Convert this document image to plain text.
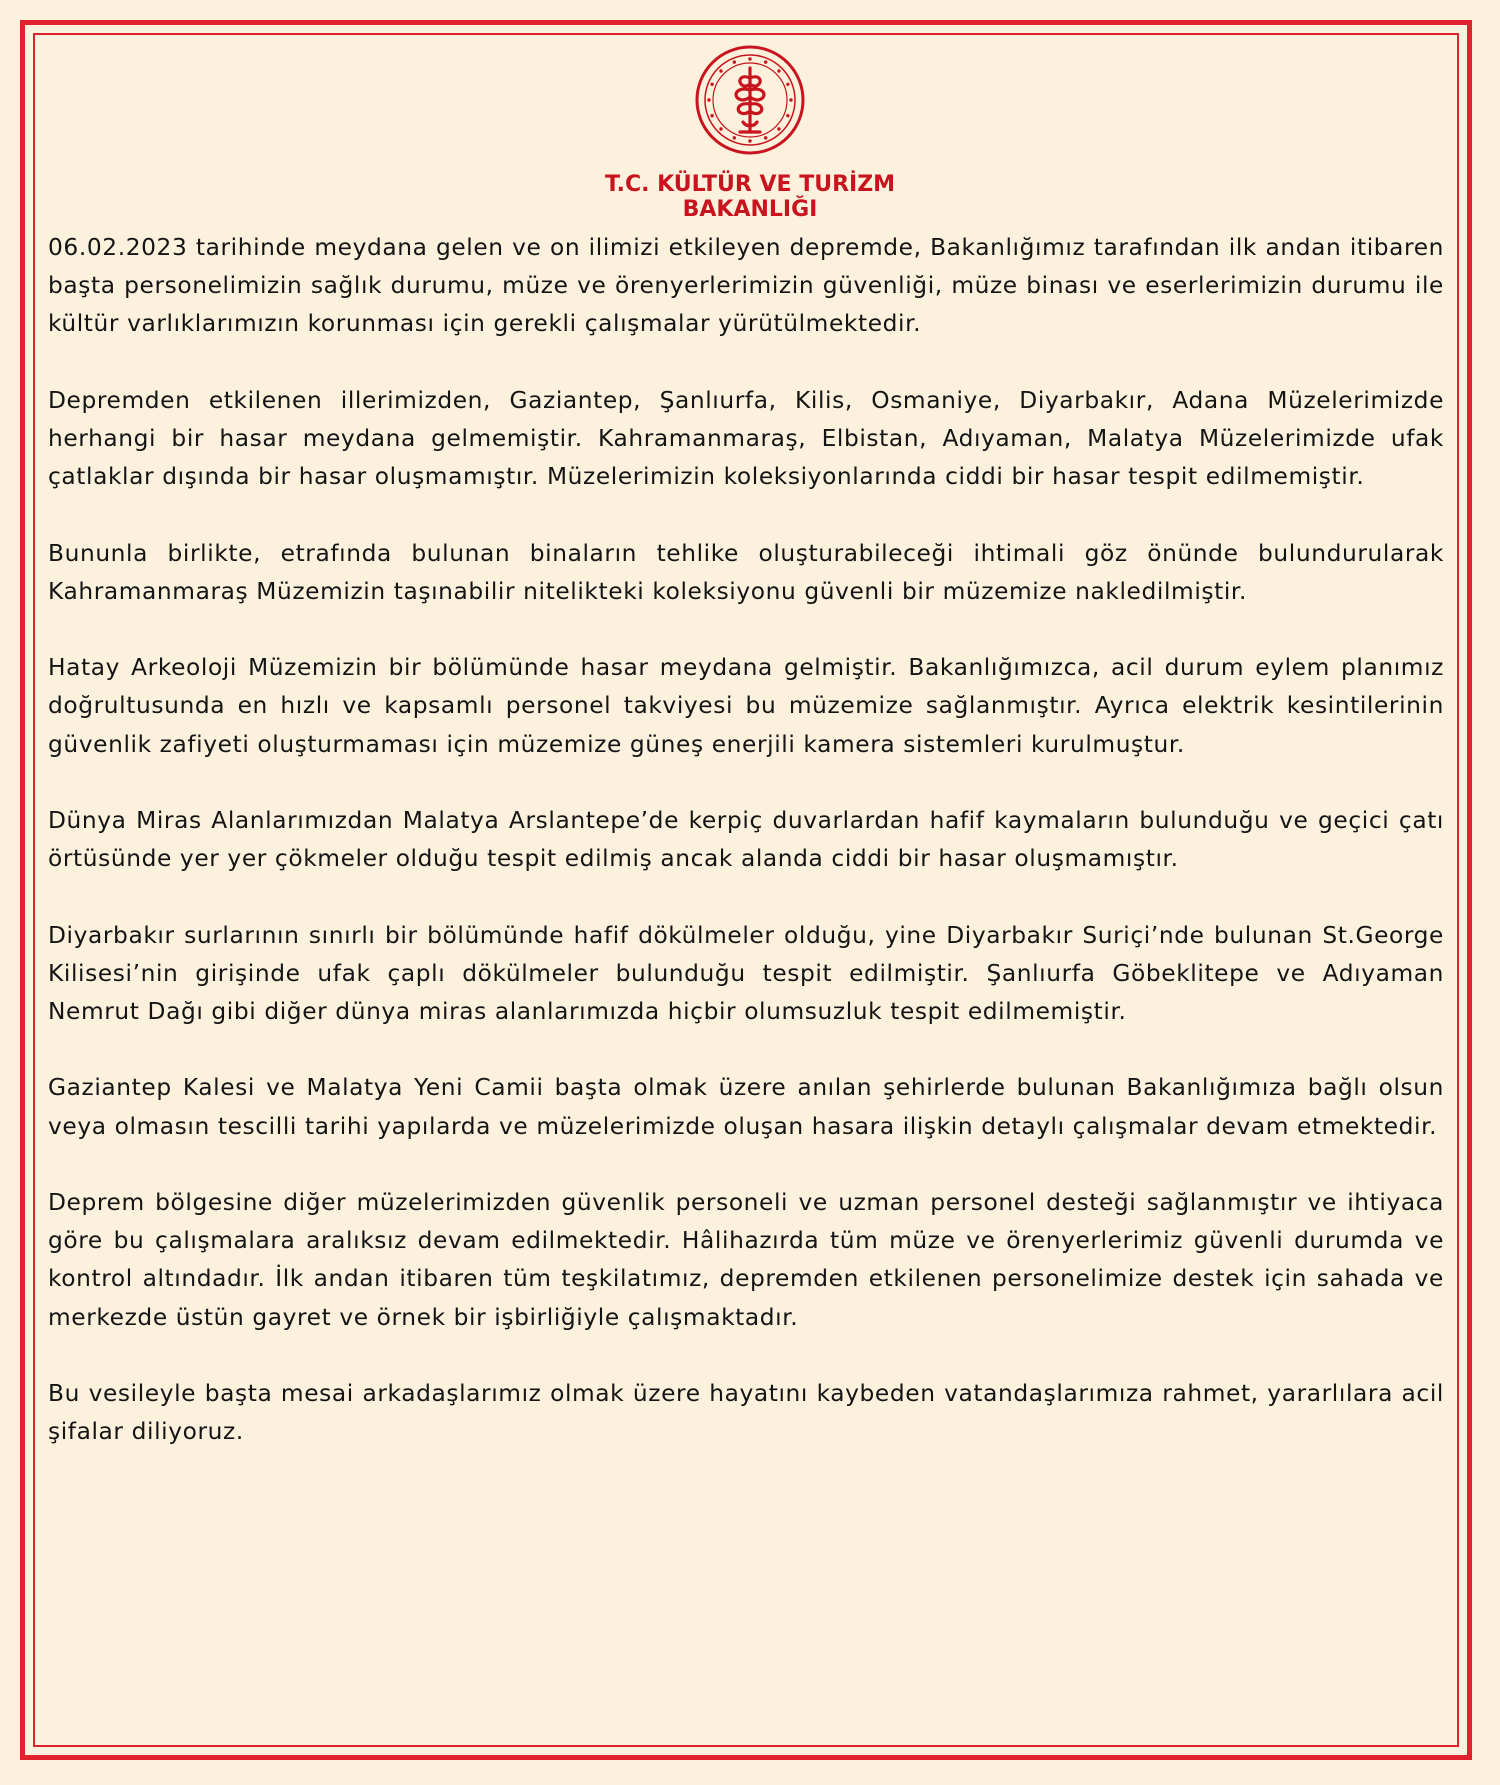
T.C. KÜLTÜR VE TURİZM
BAKANLIĞI

06.02.2023 tarihinde meydana gelen ve on ilimizi etkileyen depremde, Bakanlığımız tarafından ilk andan itibaren başta personelimizin sağlık durumu, müze ve örenyerlerimizin güvenliği, müze binası ve eserlerimizin durumu ile kültür varlıklarımızın korunması için gerekli çalışmalar yürütülmektedir.

Depremden etkilenen illerimizden, Gaziantep, Şanlıurfa, Kilis, Osmaniye, Diyarbakır, Adana Müzelerimizde herhangi bir hasar meydana gelmemiştir. Kahramanmaraş, Elbistan, Adıyaman, Malatya Müzelerimizde ufak çatlaklar dışında bir hasar oluşmamıştır. Müzelerimizin koleksiyonlarında ciddi bir hasar tespit edilmemiştir.

Bununla birlikte, etrafında bulunan binaların tehlike oluşturabileceği ihtimali göz önünde bulundurularak Kahramanmaraş Müzemizin taşınabilir nitelikteki koleksiyonu güvenli bir müzemize nakledilmiştir.

Hatay Arkeoloji Müzemizin bir bölümünde hasar meydana gelmiştir. Bakanlığımızca, acil durum eylem planımız doğrultusunda en hızlı ve kapsamlı personel takviyesi bu müzemize sağlanmıştır. Ayrıca elektrik kesintilerinin güvenlik zafiyeti oluşturmaması için müzemize güneş enerjili kamera sistemleri kurulmuştur.

Dünya Miras Alanlarımızdan Malatya Arslantepe’de kerpiç duvarlardan hafif kaymaların bulunduğu ve geçici çatı örtüsünde yer yer çökmeler olduğu tespit edilmiş ancak alanda ciddi bir hasar oluşmamıştır.

Diyarbakır surlarının sınırlı bir bölümünde hafif dökülmeler olduğu, yine Diyarbakır Suriçi’nde bulunan St.George Kilisesi’nin girişinde ufak çaplı dökülmeler bulunduğu tespit edilmiştir. Şanlıurfa Göbeklitepe ve Adıyaman Nemrut Dağı gibi diğer dünya miras alanlarımızda hiçbir olumsuzluk tespit edilmemiştir.

Gaziantep Kalesi ve Malatya Yeni Camii başta olmak üzere anılan şehirlerde bulunan Bakanlığımıza bağlı olsun veya olmasın tescilli tarihi yapılarda ve müzelerimizde oluşan hasara ilişkin detaylı çalışmalar devam etmektedir.

Deprem bölgesine diğer müzelerimizden güvenlik personeli ve uzman personel desteği sağlanmıştır ve ihtiyaca göre bu çalışmalara aralıksız devam edilmektedir. Hâlihazırda tüm müze ve örenyerlerimiz güvenli durumda ve kontrol altındadır. İlk andan itibaren tüm teşkilatımız, depremden etkilenen personelimize destek için sahada ve merkezde üstün gayret ve örnek bir işbirliğiyle çalışmaktadır.

Bu vesileyle başta mesai arkadaşlarımız olmak üzere hayatını kaybeden vatandaşlarımıza rahmet, yararlılara acil şifalar diliyoruz.
